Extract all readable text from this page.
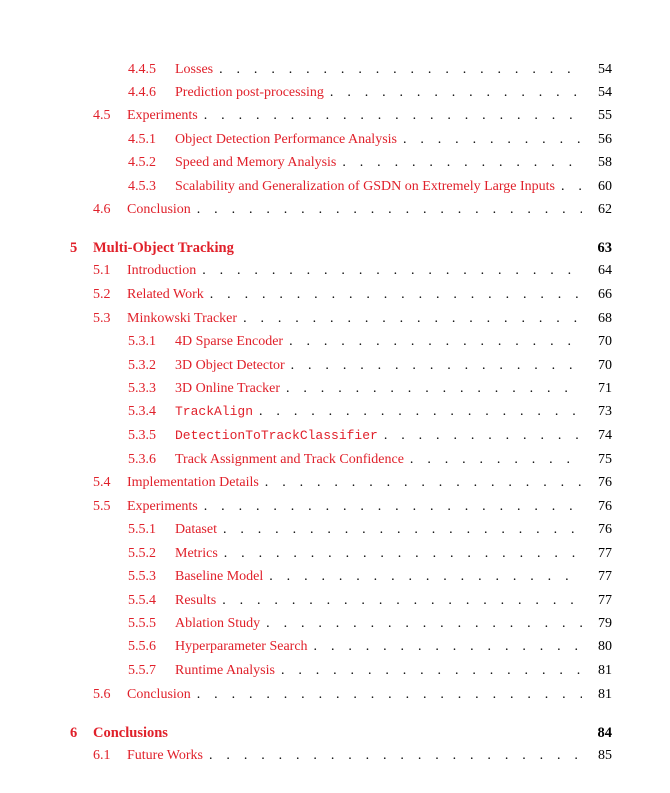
4.4.5	Losses . . .	54
4.4.6	Prediction post-processing . . .	54
4.5	Experiments . . .	55
4.5.1	Object Detection Performance Analysis . . .	56
4.5.2	Speed and Memory Analysis . . .	58
4.5.3	Scalability and Generalization of GSDN on Extremely Large Inputs . . .	60
4.6	Conclusion . . .	62
5	Multi-Object Tracking	63
5.1	Introduction . . .	64
5.2	Related Work . . .	66
5.3	Minkowski Tracker . . .	68
5.3.1	4D Sparse Encoder . . .	70
5.3.2	3D Object Detector . . .	70
5.3.3	3D Online Tracker . . .	71
5.3.4	TrackAlign . . .	73
5.3.5	DetectionToTrackClassifier . . .	74
5.3.6	Track Assignment and Track Confidence . . .	75
5.4	Implementation Details . . .	76
5.5	Experiments . . .	76
5.5.1	Dataset . . .	76
5.5.2	Metrics . . .	77
5.5.3	Baseline Model . . .	77
5.5.4	Results . . .	77
5.5.5	Ablation Study . . .	79
5.5.6	Hyperparameter Search . . .	80
5.5.7	Runtime Analysis . . .	81
5.6	Conclusion . . .	81
6	Conclusions	84
6.1	Future Works . . .	85
